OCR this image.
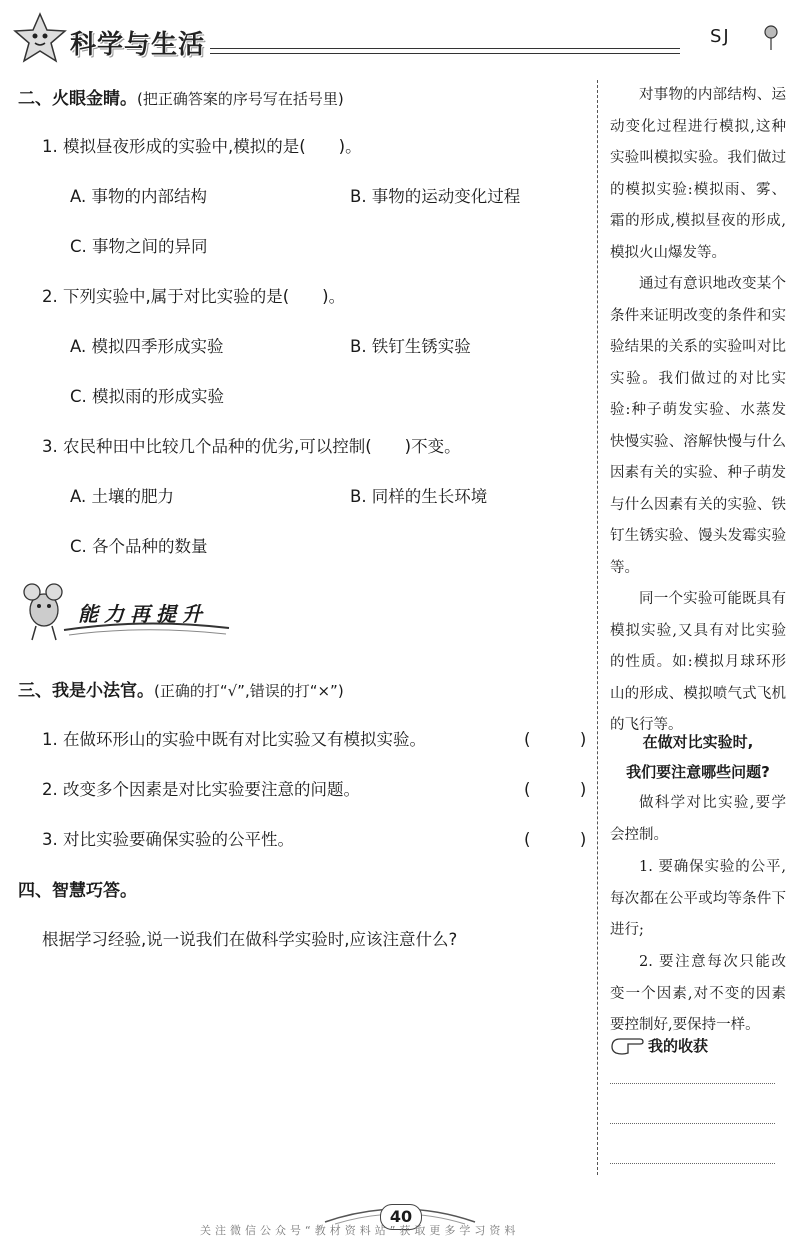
科学与生活	SJ
二、火眼金睛。(把正确答案的序号写在括号里)
1. 模拟昼夜形成的实验中,模拟的是(　　)。
A. 事物的内部结构	B. 事物的运动变化过程
C. 事物之间的异同
2. 下列实验中,属于对比实验的是(　　)。
A. 模拟四季形成实验	B. 铁钉生锈实验
C. 模拟雨的形成实验
3. 农民种田中比较几个品种的优劣,可以控制(　　)不变。
A. 土壤的肥力	B. 同样的生长环境
C. 各个品种的数量
能力再提升
三、我是小法官。(正确的打“√”,错误的打“×”)
1. 在做环形山的实验中既有对比实验又有模拟实验。	(　　　)
2. 改变多个因素是对比实验要注意的问题。	(　　　)
3. 对比实验要确保实验的公平性。	(　　　)
四、智慧巧答。
根据学习经验,说一说我们在做科学实验时,应该注意什么?
对事物的内部结构、运动变化过程进行模拟,这种实验叫模拟实验。我们做过的模拟实验:模拟雨、雾、霜的形成,模拟昼夜的形成,模拟火山爆发等。
通过有意识地改变某个条件来证明改变的条件和实验结果的关系的实验叫对比实验。我们做过的对比实验:种子萌发实验、水蒸发快慢实验、溶解快慢与什么因素有关的实验、种子萌发与什么因素有关的实验、铁钉生锈实验、馒头发霉实验等。
同一个实验可能既具有模拟实验,又具有对比实验的性质。如:模拟月球环形山的形成、模拟喷气式飞机的飞行等。
在做对比实验时,
我们要注意哪些问题?
做科学对比实验,要学会控制。
1. 要确保实验的公平,每次都在公平或均等条件下进行;
2. 要注意每次只能改变一个因素,对不变的因素要控制好,要保持一样。
我的收获
40
关注微信公众号“教材资料站”获取更多学习资料
